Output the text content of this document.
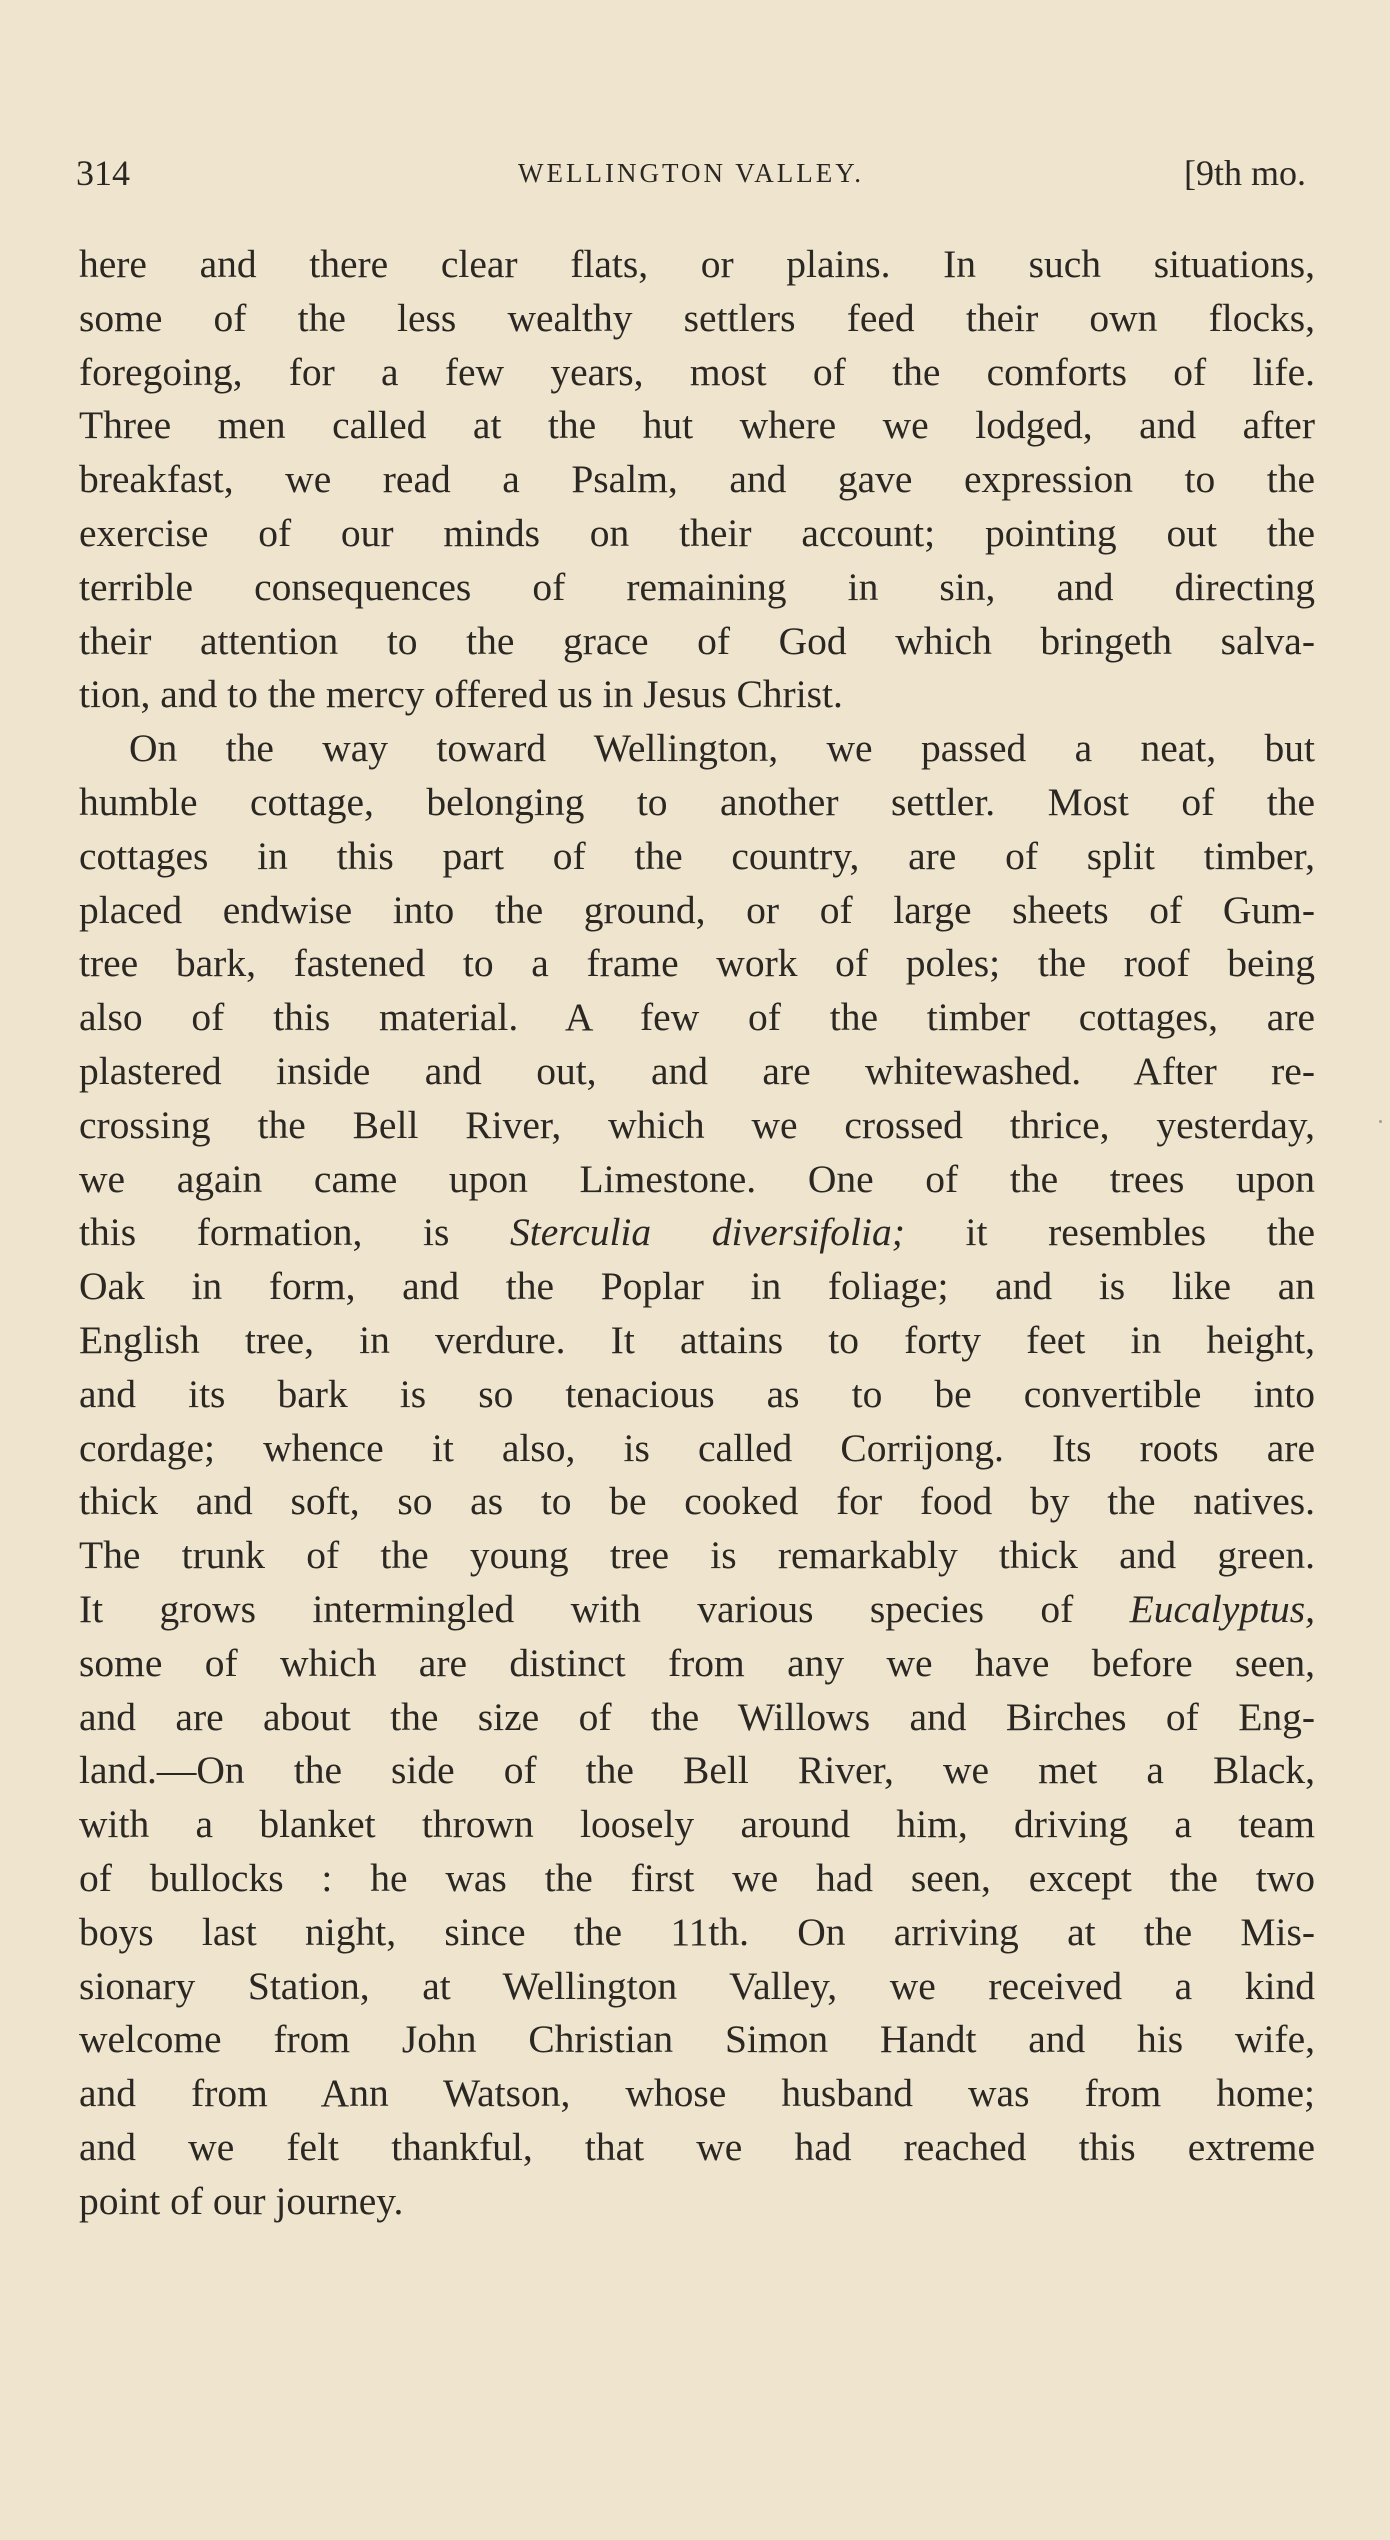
314	WELLINGTON VALLEY.	[9th mo.
here and there clear flats, or plains. In such situations,
some of the less wealthy settlers feed their own flocks,
foregoing, for a few years, most of the comforts of life.
Three men called at the hut where we lodged, and after
breakfast, we read a Psalm, and gave expression to the
exercise of our minds on their account; pointing out the
terrible consequences of remaining in sin, and directing
their attention to the grace of God which bringeth salva-
tion, and to the mercy offered us in Jesus Christ.
On the way toward Wellington, we passed a neat, but
humble cottage, belonging to another settler. Most of the
cottages in this part of the country, are of split timber,
placed endwise into the ground, or of large sheets of Gum-
tree bark, fastened to a frame work of poles; the roof being
also of this material. A few of the timber cottages, are
plastered inside and out, and are whitewashed. After re-
crossing the Bell River, which we crossed thrice, yesterday,
we again came upon Limestone. One of the trees upon
this formation, is Sterculia diversifolia; it resembles the
Oak in form, and the Poplar in foliage; and is like an
English tree, in verdure. It attains to forty feet in height,
and its bark is so tenacious as to be convertible into
cordage; whence it also, is called Corrijong. Its roots are
thick and soft, so as to be cooked for food by the natives.
The trunk of the young tree is remarkably thick and green.
It grows intermingled with various species of Eucalyptus,
some of which are distinct from any we have before seen,
and are about the size of the Willows and Birches of Eng-
land.—On the side of the Bell River, we met a Black,
with a blanket thrown loosely around him, driving a team
of bullocks : he was the first we had seen, except the two
boys last night, since the 11th. On arriving at the Mis-
sionary Station, at Wellington Valley, we received a kind
welcome from John Christian Simon Handt and his wife,
and from Ann Watson, whose husband was from home;
and we felt thankful, that we had reached this extreme
point of our journey.
